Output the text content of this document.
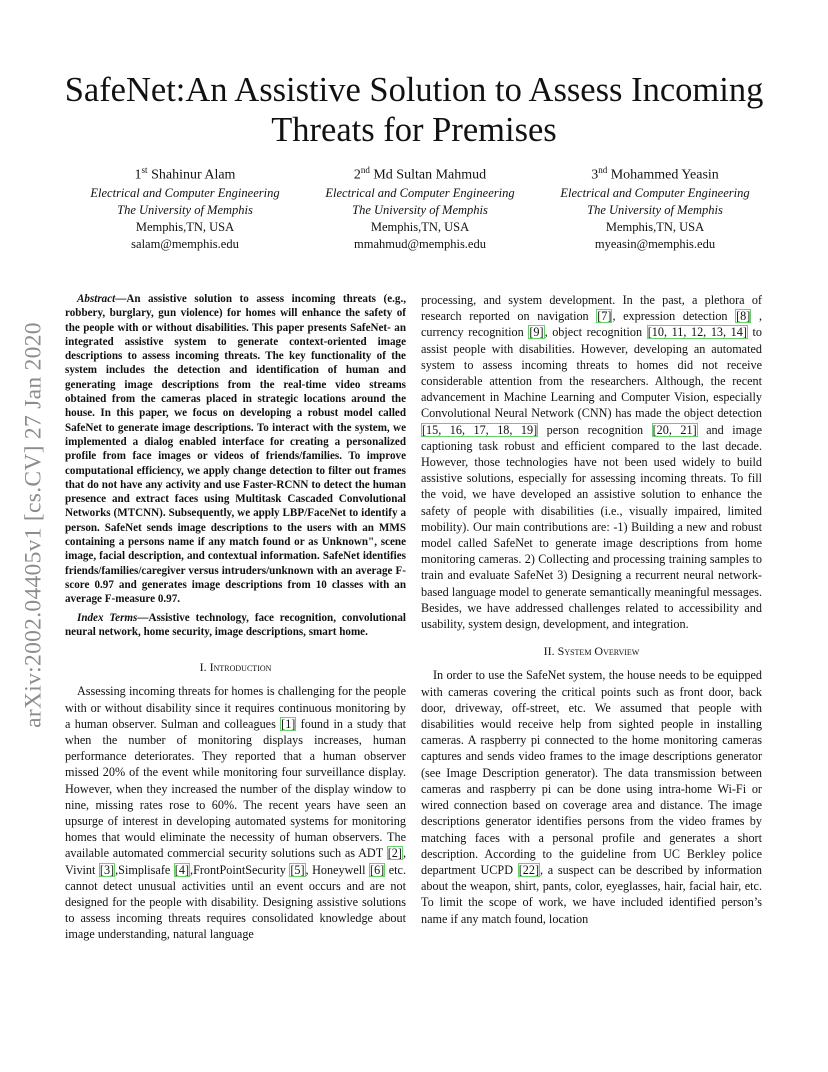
arXiv:2002.04405v1 [cs.CV] 27 Jan 2020
SafeNet:An Assistive Solution to Assess Incoming
Threats for Premises
1st Shahinur Alam
Electrical and Computer Engineering
The University of Memphis
Memphis,TN, USA
salam@memphis.edu
2nd Md Sultan Mahmud
Electrical and Computer Engineering
The University of Memphis
Memphis,TN, USA
mmahmud@memphis.edu
3nd Mohammed Yeasin
Electrical and Computer Engineering
The University of Memphis
Memphis,TN, USA
myeasin@memphis.edu

Abstract—An assistive solution to assess incoming threats (e.g., robbery, burglary, gun violence) for homes will enhance the safety of the people with or without disabilities. This paper presents SafeNet- an integrated assistive system to generate context-oriented image descriptions to assess incoming threats. The key functionality of the system includes the detection and identification of human and generating image descriptions from the real-time video streams obtained from the cameras placed in strategic locations around the house. In this paper, we focus on developing a robust model called SafeNet to generate image descriptions. To interact with the system, we implemented a dialog enabled interface for creating a personalized profile from face images or videos of friends/families. To improve computational efficiency, we apply change detection to filter out frames that do not have any activity and use Faster-RCNN to detect the human presence and extract faces using Multitask Cascaded Convolutional Networks (MTCNN). Subsequently, we apply LBP/FaceNet to identify a person. SafeNet sends image descriptions to the users with an MMS containing a persons name if any match found or as Unknown", scene image, facial description, and contextual information. SafeNet identifies friends/families/caregiver versus intruders/unknown with an average F-score 0.97 and generates image descriptions from 10 classes with an average F-measure 0.97.

Index Terms—Assistive technology, face recognition, convolutional neural network, home security, image descriptions, smart home.

I. Introduction

Assessing incoming threats for homes is challenging for the people with or without disability since it requires continuous monitoring by a human observer. Sulman and colleagues [1] found in a study that when the number of monitoring displays increases, human performance deteriorates. They reported that a human observer missed 20% of the event while monitoring four surveillance display. However, when they increased the number of the display window to nine, missing rates rose to 60%. The recent years have seen an upsurge of interest in developing automated systems for monitoring homes that would eliminate the necessity of human observers. The available automated commercial security solutions such as ADT [2], Vivint [3],Simplisafe [4],FrontPointSecurity [5], Honeywell [6] etc. cannot detect unusual activities until an event occurs and are not designed for the people with disability. Designing assistive solutions to assess incoming threats requires consolidated knowledge about image understanding, natural language

processing, and system development. In the past, a plethora of research reported on navigation [7], expression detection [8] , currency recognition [9], object recognition [10, 11, 12, 13, 14] to assist people with disabilities. However, developing an automated system to assess incoming threats to homes did not receive considerable attention from the researchers. Although, the recent advancement in Machine Learning and Computer Vision, especially Convolutional Neural Network (CNN) has made the object detection [15, 16, 17, 18, 19] person recognition [20, 21] and image captioning task robust and efficient compared to the last decade. However, those technologies have not been used widely to build assistive solutions, especially for assessing incoming threats. To fill the void, we have developed an assistive solution to enhance the safety of people with disabilities (i.e., visually impaired, limited mobility). Our main contributions are: -1) Building a new and robust model called SafeNet to generate image descriptions from home monitoring cameras. 2) Collecting and processing training samples to train and evaluate SafeNet 3) Designing a recurrent neural network-based language model to generate semantically meaningful messages. Besides, we have addressed challenges related to accessibility and usability, system design, development, and integration.

II. System Overview

In order to use the SafeNet system, the house needs to be equipped with cameras covering the critical points such as front door, back door, driveway, off-street, etc. We assumed that people with disabilities would receive help from sighted people in installing cameras. A raspberry pi connected to the home monitoring cameras captures and sends video frames to the image descriptions generator (see Image Description generator). The data transmission between cameras and raspberry pi can be done using intra-home Wi-Fi or wired connection based on coverage area and distance. The image descriptions generator identifies persons from the video frames by matching faces with a personal profile and generates a short description. According to the guideline from UC Berkley police department UCPD [22], a suspect can be described by information about the weapon, shirt, pants, color, eyeglasses, hair, facial hair, etc. To limit the scope of work, we have included identified person’s name if any match found, location
